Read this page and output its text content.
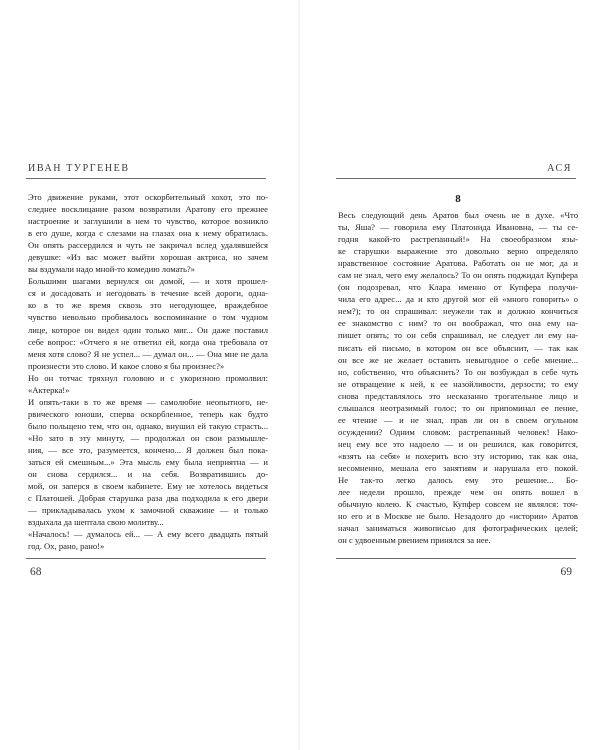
ИВАН ТУРГЕНЕВ
Это движение руками, этот оскорбительный хохот, это по-
следнее восклицание разом возвратили Аратову его прежнее
настроение и заглушили в нем то чувство, которое возникло
в его душе, когда с слезами на глазах она к нему обратилась.
Он опять рассердился и чуть не закричал вслед удалявшейся
девушке: «Из вас может выйти хорошая актриса, но зачем
вы вздумали надо мной-то комедию ломать?»
Большими шагами вернулся он домой, — и хотя прошел-
ся и досадовать и негодовать в течение всей дороги, одна-
ко в то же время сквозь это негодующее, враждебное
чувство невольно пробивалось воспоминание о том чудном
лице, которое он видел один только миг... Он даже поставил
себе вопрос: «Отчего я не ответил ей, когда она требовала от
меня хотя слово? Я не успел... — думал он... — Она мне не дала
произнести это слово. И какое слово я бы произнес?»
Но он тотчас тряхнул головою и с укоризною промолвил:
«Актерка!»
И опять-таки в то же время — самолюбие неопытного, не-
рвического юноши, сперва оскорбленное, теперь как будто
было польщено тем, что он, однако, внушил ей такую страсть...
«Но зато в эту минуту, — продолжал он свои размышле-
ния, — все это, разумеется, кончено... Я должен был пока-
заться ей смешным...» Эта мысль ему была неприятна — и
он снова сердился... и на себя. Возвратившись до-
мой, он заперся в своем кабинете. Ему не хотелось видеться
с Платошей. Добрая старушка раза два подходила к его двери
— прикладывалась ухом к замочной скважине — и только
вздыхала да шептала свою молитву...
«Началось! — думалось ей... — А ему всего двадцать пятый
год. Ох, рано, рано!»
68
АСЯ
8
Весь следующий день Аратов был очень не в духе. «Что
ты, Яша? — говорила ему Платонида Ивановна, — ты се-
годня какой-то растрепанный!» На своеобразном язы-
ке старушки выражение это довольно верно определяло
нравственное состояние Аратова. Работать он не мог, да и
сам не знал, чего ему желалось? То он опять поджидал Купфера
(он подозревал, что Клара именно от Купфера получи-
чила его адрес... да и кто другой мог ей «много говорить» о
нем?); то он спрашивал: неужели так и должно кончиться
ее знакомство с ним? то он воображал, что она ему на-
пишет опять; то он себя спрашивал, не следует ли ему на-
писать ей письмо, в котором он все объяснит, — так как
он все же не желает оставить невыгодное о себе мнение...
но, собственно, что объяснить? То он возбуждал в себе чуть
не отвращение к ней, к ее назойливости, дерзости; то ему
снова представлялось это несказанно трогательное лицо и
слышался неотразимый голос; то он припоминал ее пение,
ее чтение — и не знал, прав ли он в своем огульном
осуждении? Одним словом: растрепанный человек! Нако-
нец ему все это надоело — и он решился, как говорится,
«взять на себя» и похерить всю эту историю, так как она,
несомненно, мешала его занятиям и нарушала его покой.
Не так-то легко далось ему это решение... Бо-
лее недели прошло, прежде чем он опять вошел в
обычную колею. К счастью, Купфер совсем не являлся: точ-
но его и в Москве не было. Незадолго до «истории» Аратов
начал заниматься живописью для фотографических целей;
он с удвоенным рвением принялся за нее.
69
